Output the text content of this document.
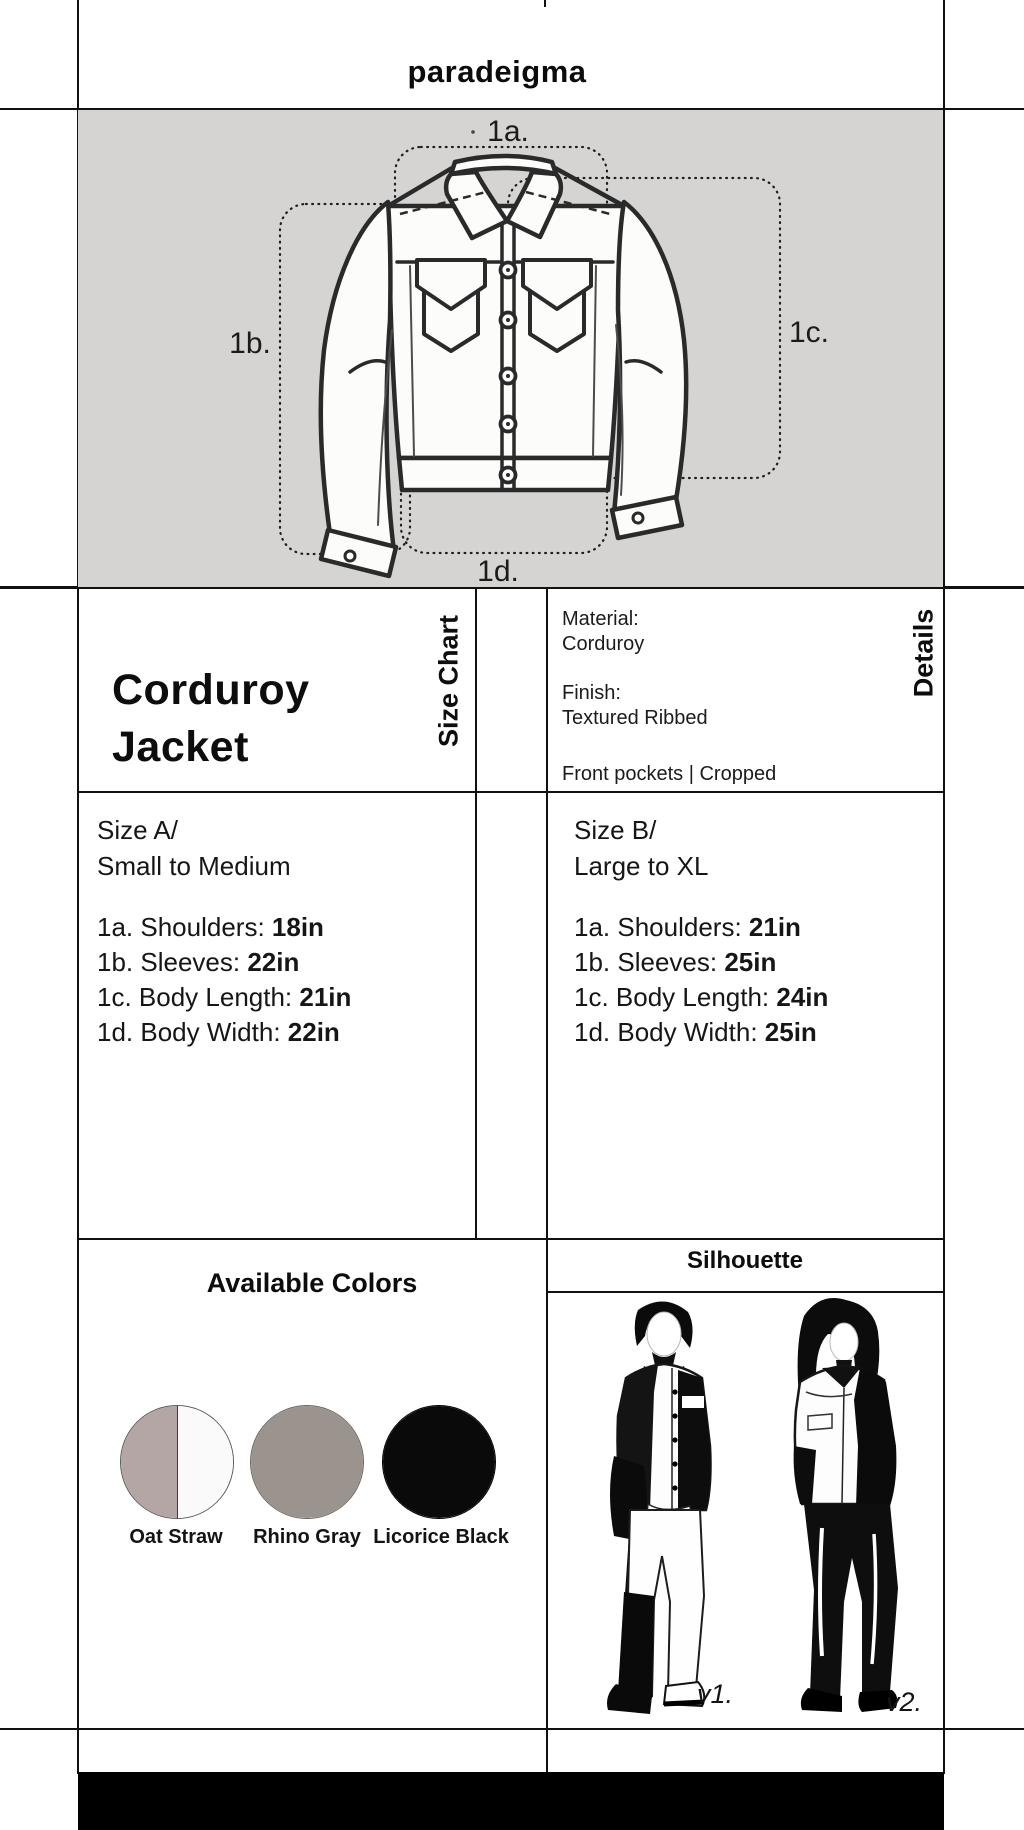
paradeigma
1a.
1b.	1c.
1d.
Corduroy
Jacket	Size Chart	Details
Material:
Corduroy
Finish:
Textured Ribbed
Front pockets | Cropped
Size A/
Small to Medium
1a. Shoulders: 18in
1b. Sleeves: 22in
1c. Body Length: 21in
1d. Body Width: 22in
Size B/
Large to XL
1a. Shoulders: 21in
1b. Sleeves: 25in
1c. Body Length: 24in
1d. Body Width: 25in
Available Colors
Oat Straw Rhino Gray Licorice Black
Silhouette
v1.	v2.
